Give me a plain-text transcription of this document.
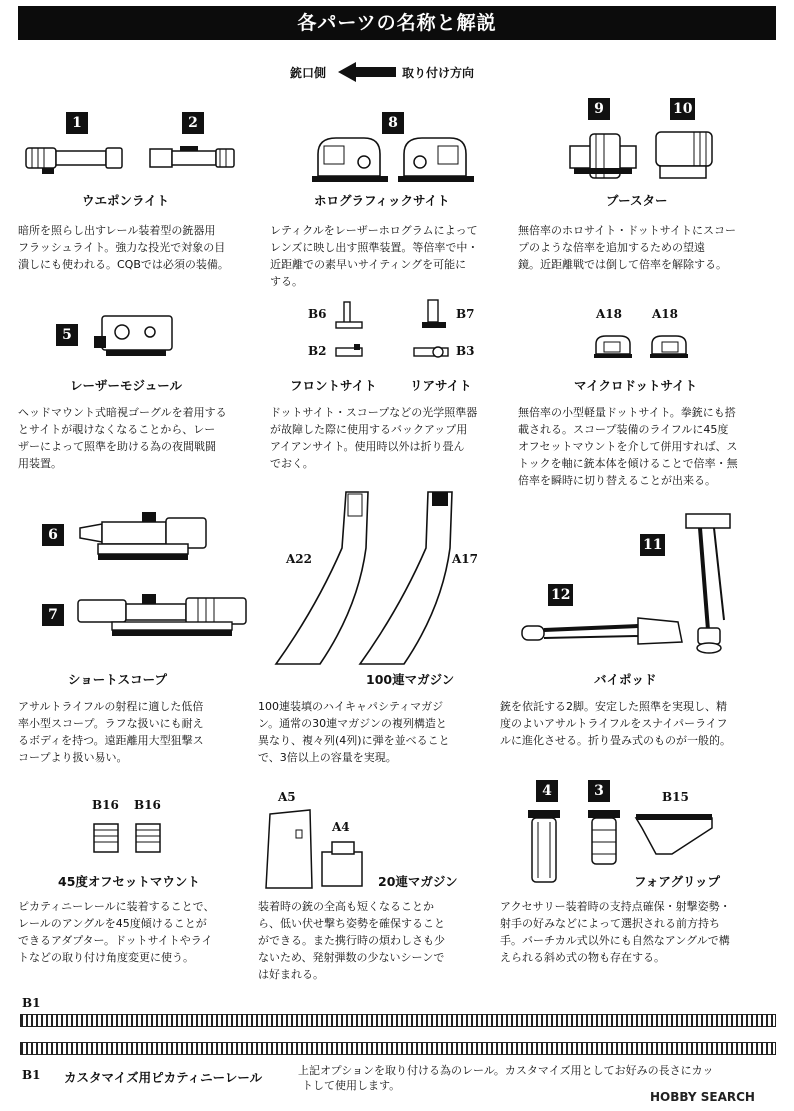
各パーツの名称と解説
銃口側	取り付け方向
1	2
ウエポンライト
暗所を照らし出すレール装着型の銃器用
フラッシュライト。強力な投光で対象の目
潰しにも使われる。CQBでは必須の装備。
8
ホログラフィックサイト
レティクルをレーザーホログラムによって
レンズに映し出す照準装置。等倍率で中・
近距離での素早いサイティングを可能に
する。
9	10
ブースター
無倍率のホロサイト・ドットサイトにスコー
プのような倍率を追加するための望遠
鏡。近距離戦では倒して倍率を解除する。
5
レーザーモジュール
ヘッドマウント式暗視ゴーグルを着用する
とサイトが覗けなくなることから、レー
ザーによって照準を助ける為の夜間戦闘
用装置。
B6	B7
B2	B3
フロントサイト	リアサイト
ドットサイト・スコープなどの光学照準器
が故障した際に使用するバックアップ用
アイアンサイト。使用時以外は折り畳ん
でおく。
A18 A18
マイクロドットサイト
無倍率の小型軽量ドットサイト。拳銃にも搭
載される。スコープ装備のライフルに45度
オフセットマウントを介して併用すれば、ス
トックを軸に銃本体を傾けることで倍率・無
倍率を瞬時に切り替えることが出来る。
6
7
ショートスコープ
アサルトライフルの射程に適した低倍
率小型スコープ。ラフな扱いにも耐え
るボディを持つ。遠距離用大型狙撃ス
コープより扱い易い。
A22	A17
100連マガジン
100連装填のハイキャパシティマガジ
ン。通常の30連マガジンの複列構造と
異なり、複々列(4列)に弾を並べること
で、3倍以上の容量を実現。
11
12
バイポッド
銃を依託する2脚。安定した照準を実現し、精
度のよいアサルトライフルをスナイパーライフ
ルに進化させる。折り畳み式のものが一般的。
B16 B16
45度オフセットマウント
ピカティニーレールに装着することで、
レールのアングルを45度傾けることが
できるアダプター。ドットサイトやライ
トなどの取り付け角度変更に使う。
A5
A4
20連マガジン
装着時の銃の全高も短くなることか
ら、低い伏せ撃ち姿勢を確保すること
ができる。また携行時の煩わしさも少
ないため、発射弾数の少ないシーンで
は好まれる。
4	3	B15
フォアグリップ
アクセサリー装着時の支持点確保・射撃姿勢・
射手の好みなどによって選択される前方持ち
手。バーチカル式以外にも自然なアングルで構
えられる斜め式の物も存在する。
B1
B1 カスタマイズ用ピカティニーレール	上記オプションを取り付ける為のレール。カスタマイズ用としてお好みの長さにカッ
トして使用します。
HOBBY SEARCH
